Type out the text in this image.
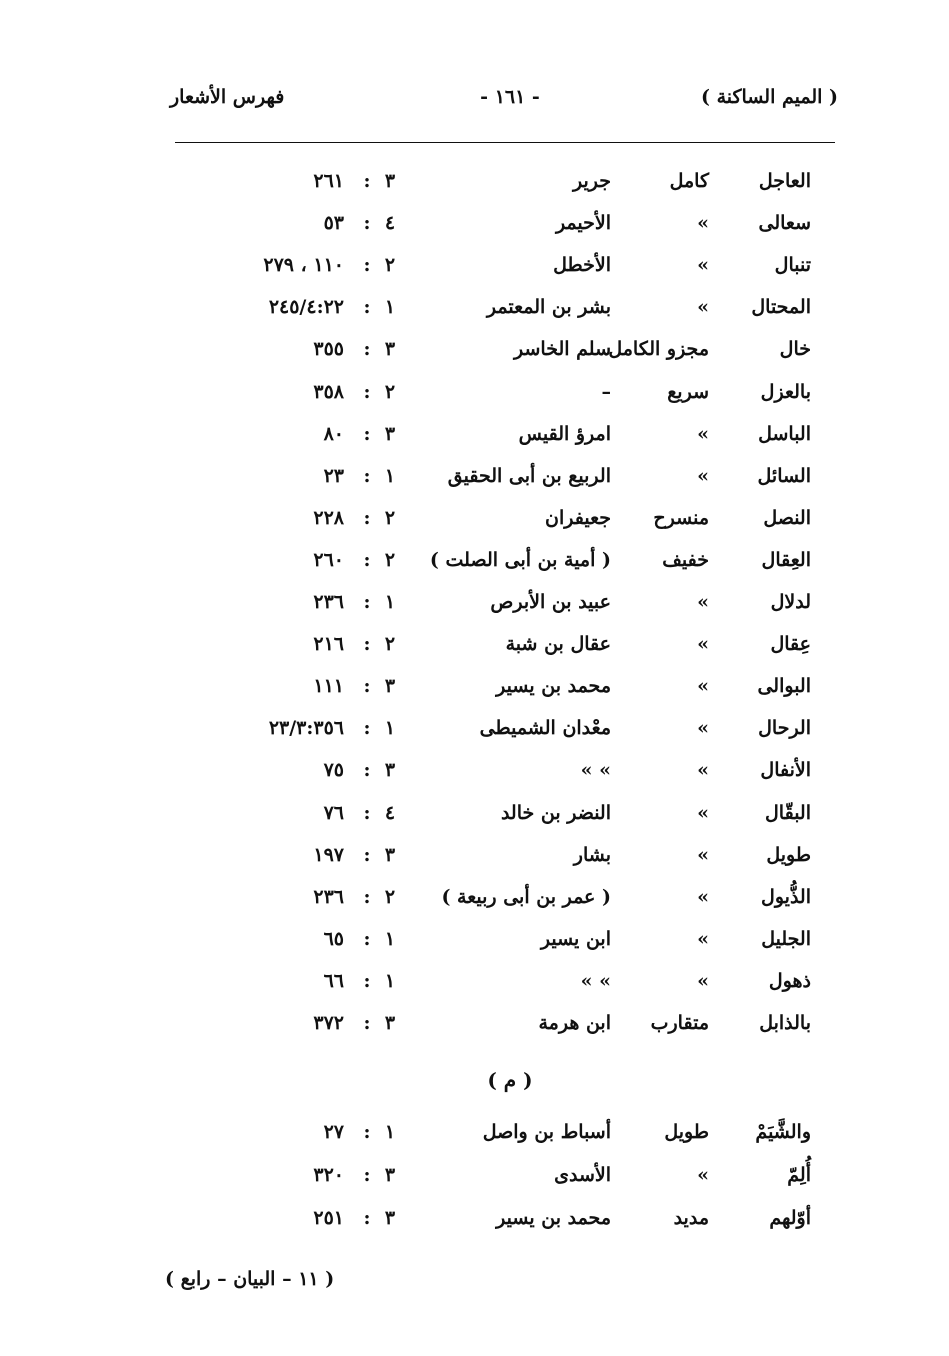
فهرس الأشعار	- ١٦١ -	( الميم الساكنة )
العاجل
كامل
جرير
٣
:
٢٦١
سعالى
»
الأحيمر
٤
:
٥٣
تنبال
»
الأخطل
٢
:
١١٠ ، ٢٧٩
المحتال
»
بشر بن المعتمر
١
:
٢٤٥/٤:٢٢
خال
مجزو الكامل
سلم الخاسر
٣
:
٣٥٥
بالعزل
سريع
–
٢
:
٣٥٨
الباسل
»
امرؤ القيس
٣
:
٨٠
السائل
»
الربيع بن أبى الحقيق
١
:
٢٣
النصل
منسرح
جعيفران
٢
:
٢٢٨
العِقال
خفيف
( أمية بن أبى الصلت )
٢
:
٢٦٠
لدلال
»
عبيد بن الأبرص
١
:
٢٣٦
عِقال
»
عقال بن شبة
٢
:
٢١٦
البوالى
»
محمد بن يسير
٣
:
١١١
الرحال
»
معْدان الشميطى
١
:
٢٣/٣:٣٥٦
الأنفال
»
» »
٣
:
٧٥
البقّال
»
النضر بن خالد
٤
:
٧٦
طويل
»
بشار
٣
:
١٩٧
الذُّيول
»
( عمر بن أبى ربيعة )
٢
:
٢٣٦
الجليل
»
ابن يسير
١
:
٦٥
ذهول
»
» »
١
:
٦٦
بالذابل
متقارب
ابن هرمة
٣
:
٣٧٢
( م )
والشَّيَمْ
طويل
أسباط بن واصل
١
:
٢٧
أُلِمّ
»
الأسدى
٣
:
٣٢٠
أوّلهم
مديد
محمد بن يسير
٣
:
٢٥١
( ١١ – البيان – رابع )
